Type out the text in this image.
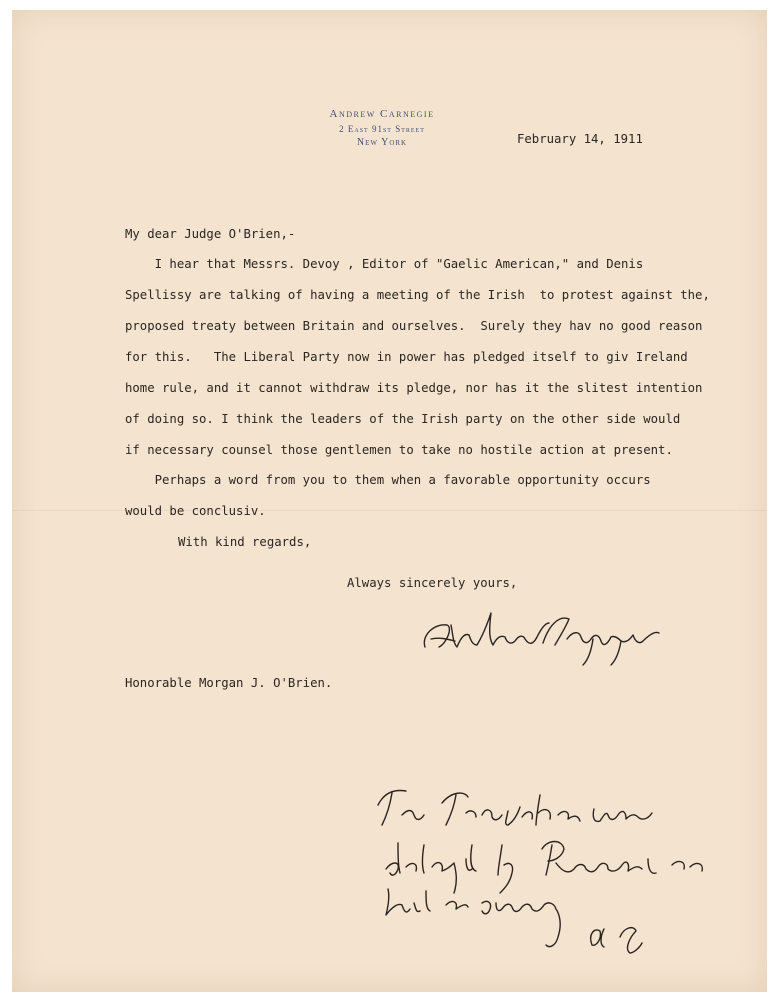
Andrew Carnegie
2 East 91st Street
New York	February 14, 1911
My dear Judge O'Brien,-
I hear that Messrs. Devoy , Editor of "Gaelic American," and Denis
Spellissy are talking of having a meeting of the Irish  to protest against the,
proposed treaty between Britain and ourselves.  Surely they hav no good reason
for this.   The Liberal Party now in power has pledged itself to giv Ireland
home rule, and it cannot withdraw its pledge, nor has it the slitest intention
of doing so. I think the leaders of the Irish party on the other side would
if necessary counsel those gentlemen to take no hostile action at present.
Perhaps a word from you to them when a favorable opportunity occurs
would be conclusiv.
With kind regards,
Always sincerely yours,
Honorable Morgan J. O'Brien.
